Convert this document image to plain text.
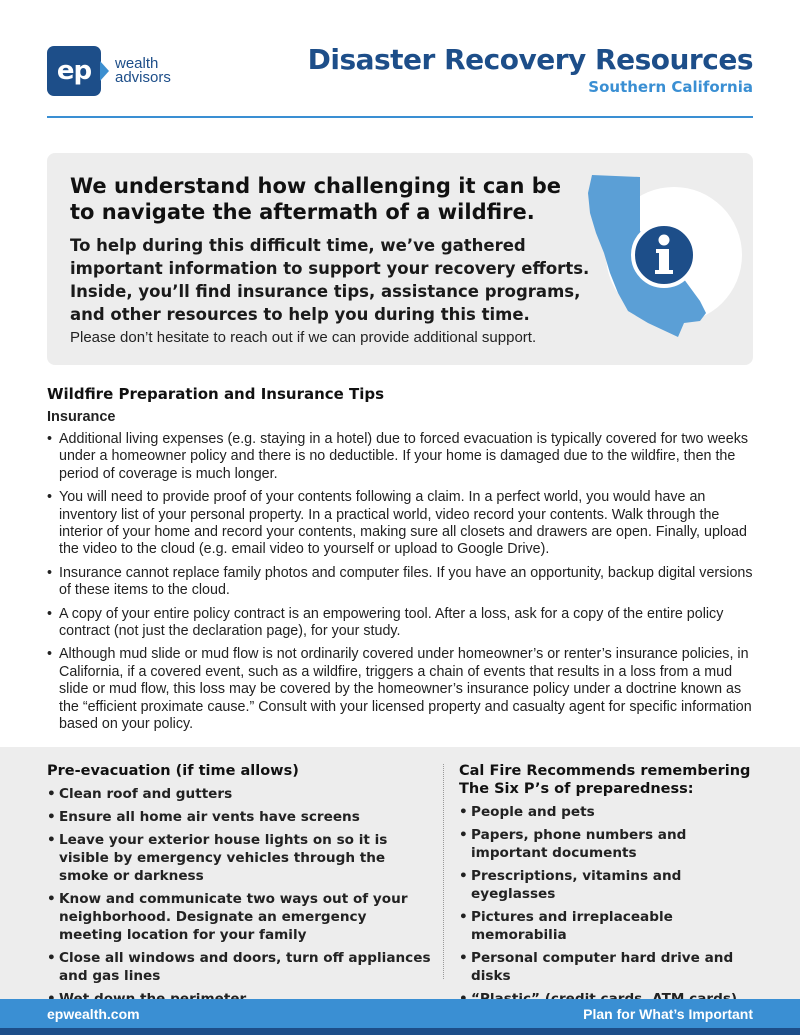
ep	wealth
advisors
Disaster Recovery Resources
Southern California
We understand how challenging it can be to navigate the aftermath of a wildfire.
To help during this difficult time, we’ve gathered important information to support your recovery efforts. Inside, you’ll find insurance tips, assistance programs, and other resources to help you during this time.
Please don’t hesitate to reach out if we can provide additional support.
Wildfire Preparation and Insurance Tips
Insurance
• Additional living expenses (e.g. staying in a hotel) due to forced evacuation is typically covered for two weeks under a homeowner policy and there is no deductible. If your home is damaged due to the wildfire, then the period of coverage is much longer.
• You will need to provide proof of your contents following a claim. In a perfect world, you would have an inventory list of your personal property. In a practical world, video record your contents. Walk through the interior of your home and record your contents, making sure all closets and drawers are open. Finally, upload the video to the cloud (e.g. email video to yourself or upload to Google Drive).
• Insurance cannot replace family photos and computer files. If you have an opportunity, backup digital versions of these items to the cloud.
• A copy of your entire policy contract is an empowering tool. After a loss, ask for a copy of the entire policy contract (not just the declaration page), for your study.
• Although mud slide or mud flow is not ordinarily covered under homeowner’s or renter’s insurance policies, in California, if a covered event, such as a wildfire, triggers a chain of events that results in a loss from a mud slide or mud flow, this loss may be covered by the homeowner’s insurance policy under a doctrine known as the “efficient proximate cause.” Consult with your licensed property and casualty agent for specific information based on your policy.
Pre-evacuation (if time allows)
• Clean roof and gutters
• Ensure all home air vents have screens
• Leave your exterior house lights on so it is visible by emergency vehicles through the smoke or darkness
• Know and communicate two ways out of your neighborhood. Designate an emergency meeting location for your family
• Close all windows and doors, turn off appliances and gas lines
•
Cal Fire Recommends remembering The Six P’s of preparedness:
• People and pets
• Papers, phone numbers and important documents
• Prescriptions, vitamins and eyeglasses
• Pictures and irreplaceable memorabilia
• Personal computer hard drive and disks
•
epwealth.com	Plan for What’s Important
